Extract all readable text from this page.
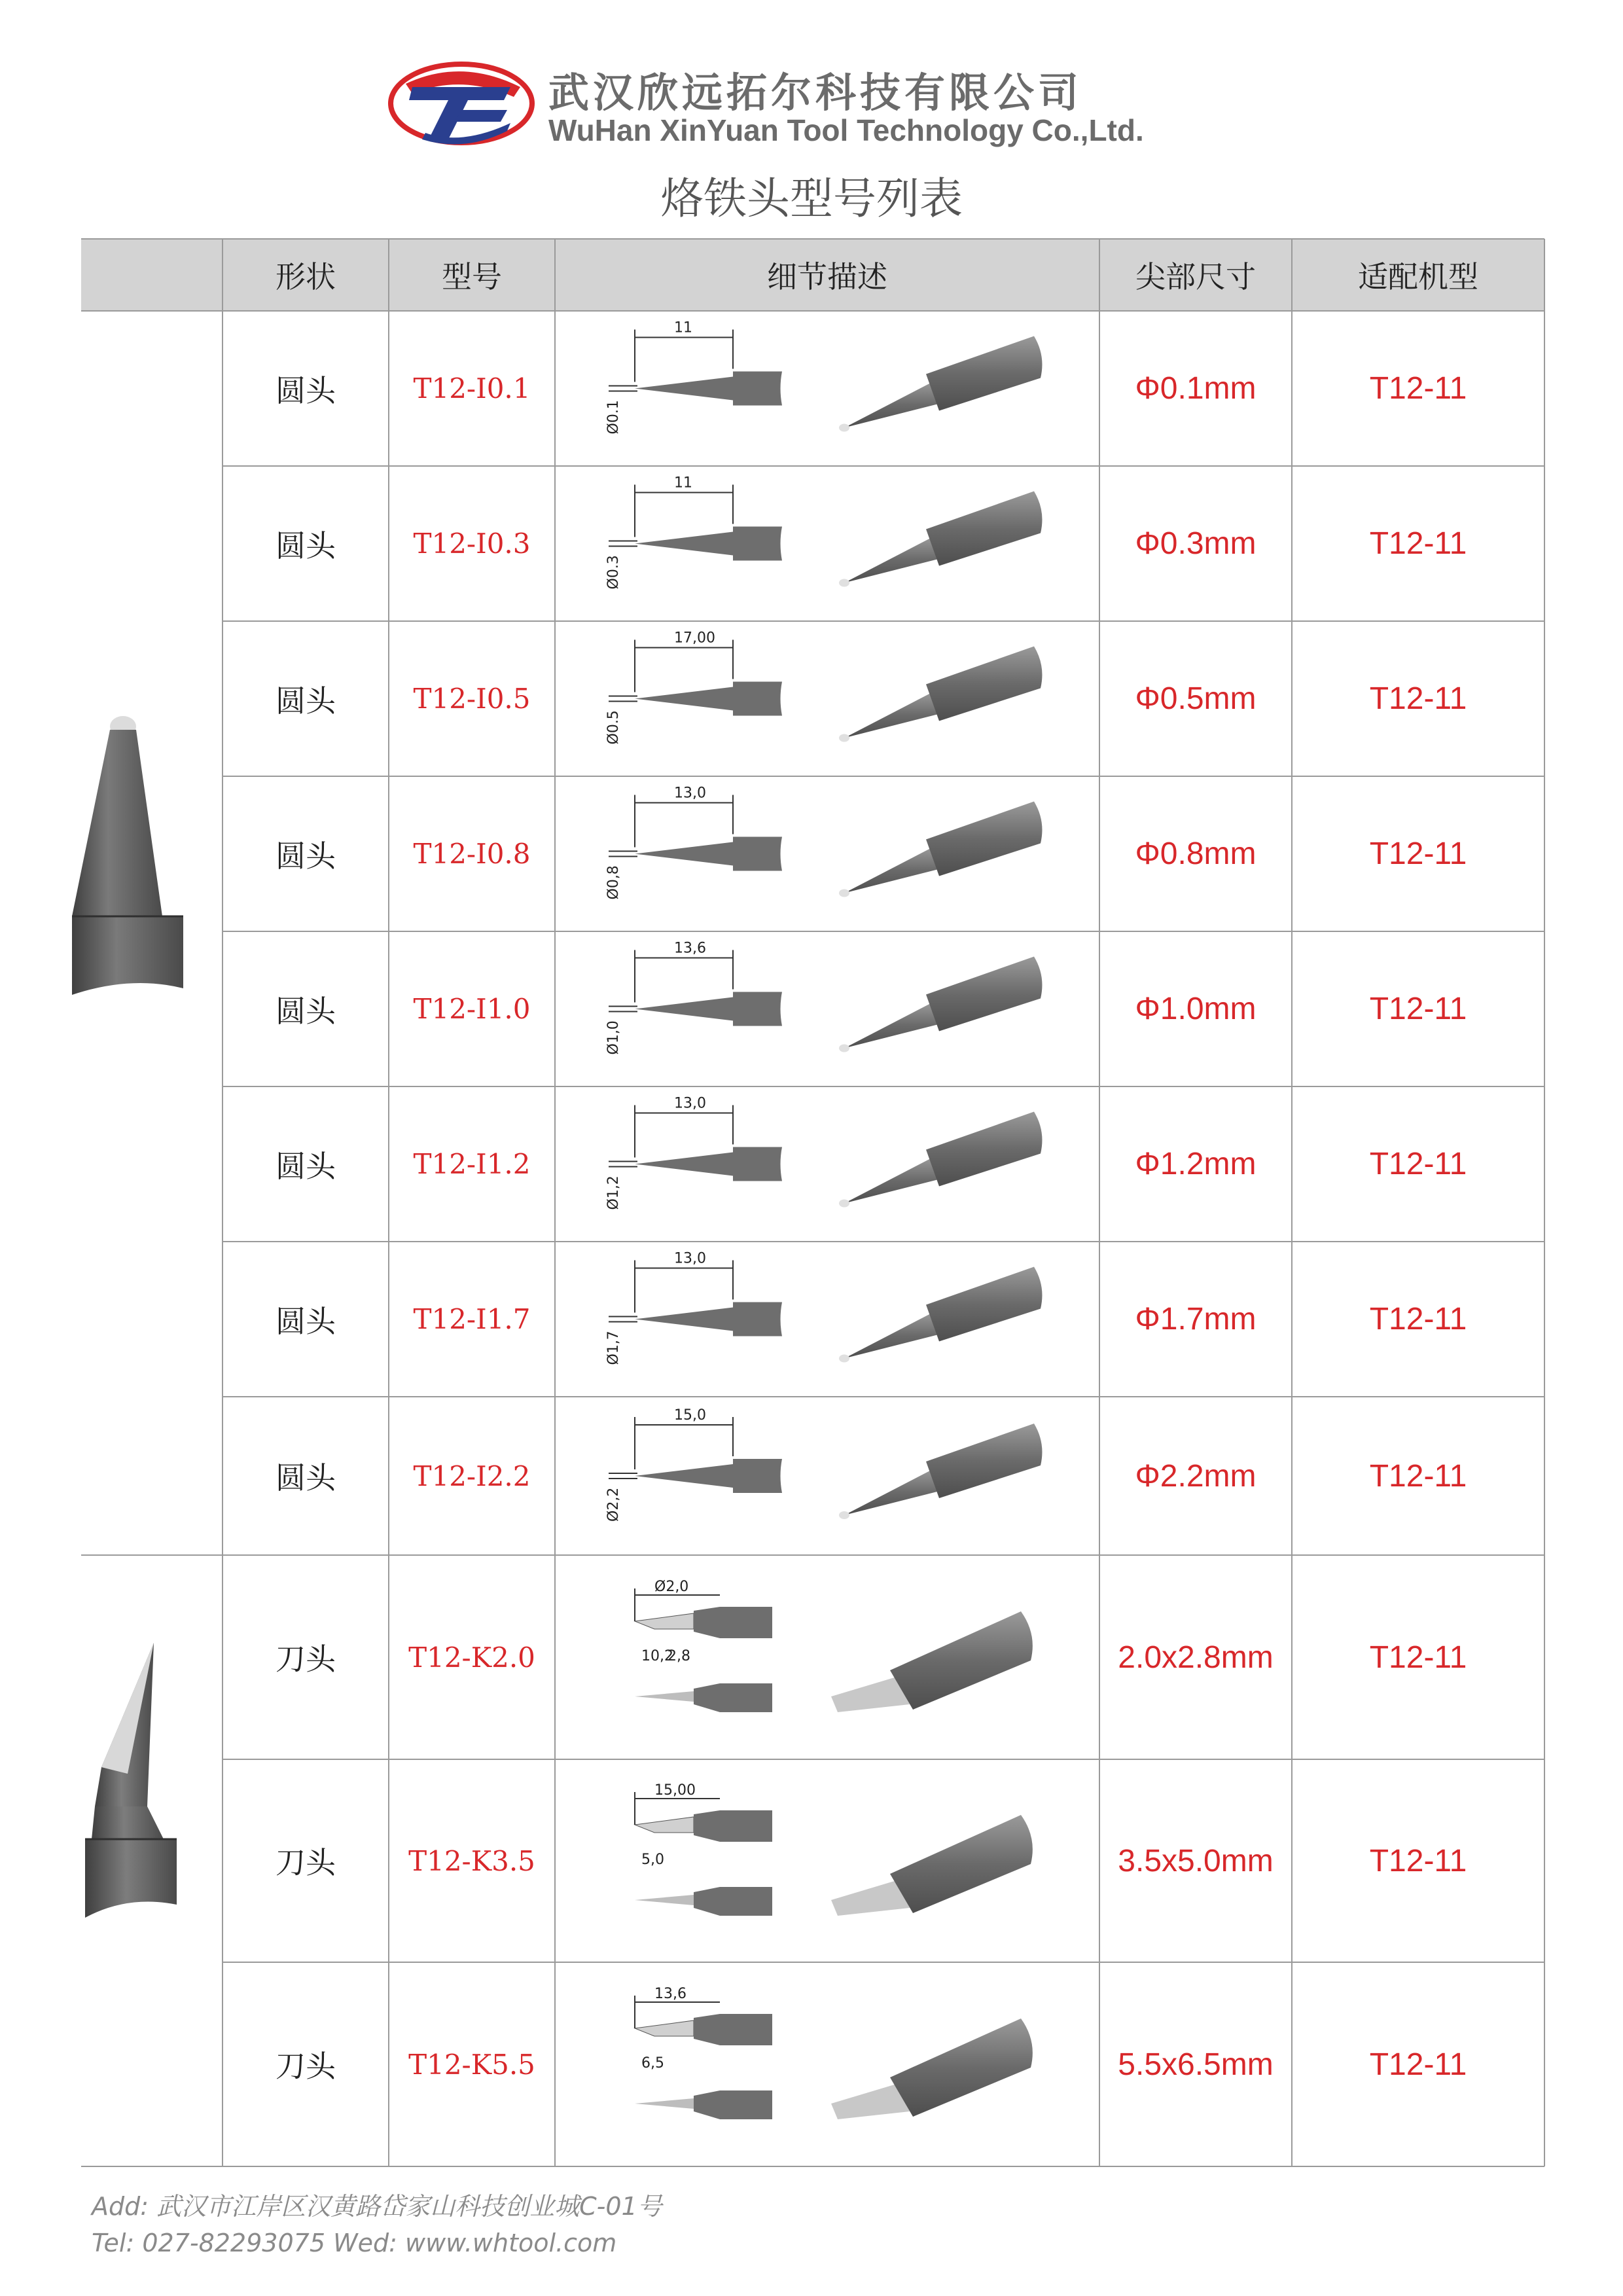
武汉欣远拓尔科技有限公司
WuHan XinYuan Tool Technology Co.,Ltd.
烙铁头型号列表
形状	型号	细节描述	尖部尺寸	适配机型
圆头	T12-I0.1	Φ0.1mm	T12-11
11
Ø0.1
圆头	T12-I0.3	Φ0.3mm	T12-11
11
Ø0.3
圆头	T12-I0.5	Φ0.5mm	T12-11
17,00
Ø0.5
圆头	T12-I0.8	Φ0.8mm	T12-11
13,0
Ø0,8
圆头	T12-I1.0	Φ1.0mm	T12-11
13,6
Ø1,0
圆头	T12-I1.2	Φ1.2mm	T12-11
13,0
Ø1,2
圆头	T12-I1.7	Φ1.7mm	T12-11
13,0
Ø1,7
圆头	T12-I2.2	Φ2.2mm	T12-11
15,0
Ø2,2
刀头	T12-K2.0	2.0x2.8mm	T12-11
Ø2,0
10,2
2,8
刀头	T12-K3.5	3.5x5.0mm	T12-11
15,00
5,0
刀头	T12-K5.5	5.5x6.5mm	T12-11
13,6
6,5
Add: 武汉市江岸区汉黄路岱家山科技创业城C-01号
Tel: 027-82293075 Wed: www.whtool.com
